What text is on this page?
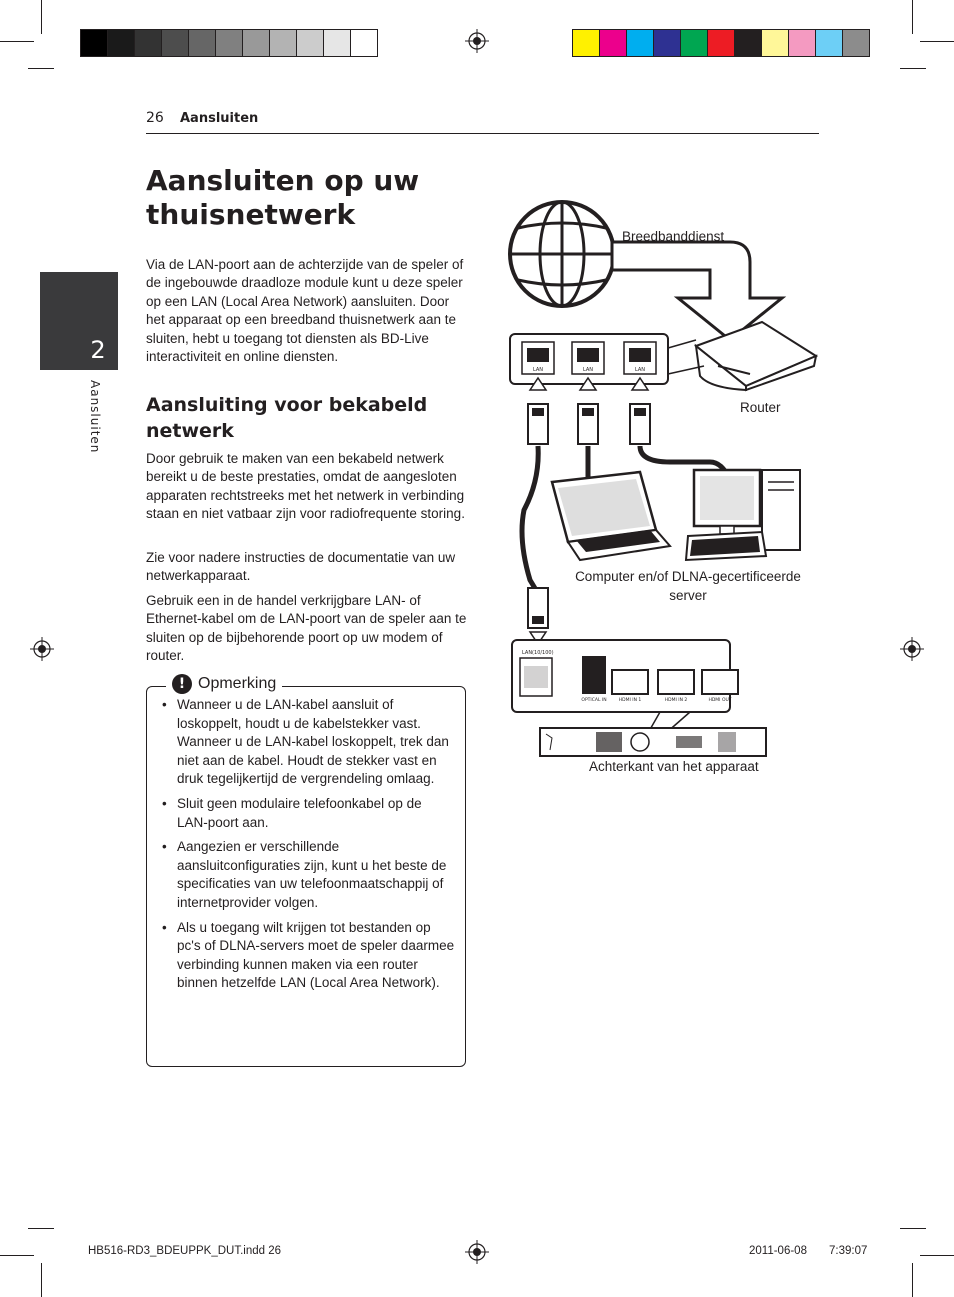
26 Aansluiten
2
Aansluiten
Aansluiten op uw thuisnetwerk
Via de LAN-poort aan de achterzijde van de speler of de ingebouwde draadloze module kunt u deze speler op een LAN (Local Area Network) aansluiten. Door het apparaat op een breedband thuisnetwerk aan te sluiten, hebt u toegang tot diensten als BD-Live interactiviteit en online diensten.
Aansluiting voor bekabeld netwerk
Door gebruik te maken van een bekabeld netwerk bereikt u de beste prestaties, omdat de aangesloten apparaten rechtstreeks met het netwerk in verbinding staan en niet vatbaar zijn voor radiofrequente storing.
Zie voor nadere instructies de documentatie van uw netwerkapparaat.
Gebruik een in de handel verkrijgbare LAN- of Ethernet-kabel om de LAN-poort van de speler aan te sluiten op de bijbehorende poort op uw modem of router.
! Opmerking
• Wanneer u de LAN-kabel aansluit of loskoppelt, houdt u de kabelstekker vast. Wanneer u de LAN-kabel loskoppelt, trek dan niet aan de kabel. Houdt de stekker vast en druk tegelijkertijd de vergrendeling omlaag.
• Sluit geen modulaire telefoonkabel op de LAN-poort aan.
• Aangezien er verschillende aansluitconfiguraties zijn, kunt u het beste de specificaties van uw telefoonmaatschappij of internetprovider volgen.
• Als u toegang wilt krijgen tot bestanden op pc's of DLNA-servers moet de speler daarmee verbinding kunnen maken via een router binnen hetzelfde LAN (Local Area Network).
LAN	LAN	LAN
LAN(10/100)
OPTICAL IN	HDMI IN 1	HDMI IN 2	HDMI OUT
Breedbanddienst
Router
Computer en/of DLNA-gecertificeerde server
Achterkant van het apparaat
HB516-RD3_BDEUPPK_DUT.indd 26	2011-06-08 7:39:07
